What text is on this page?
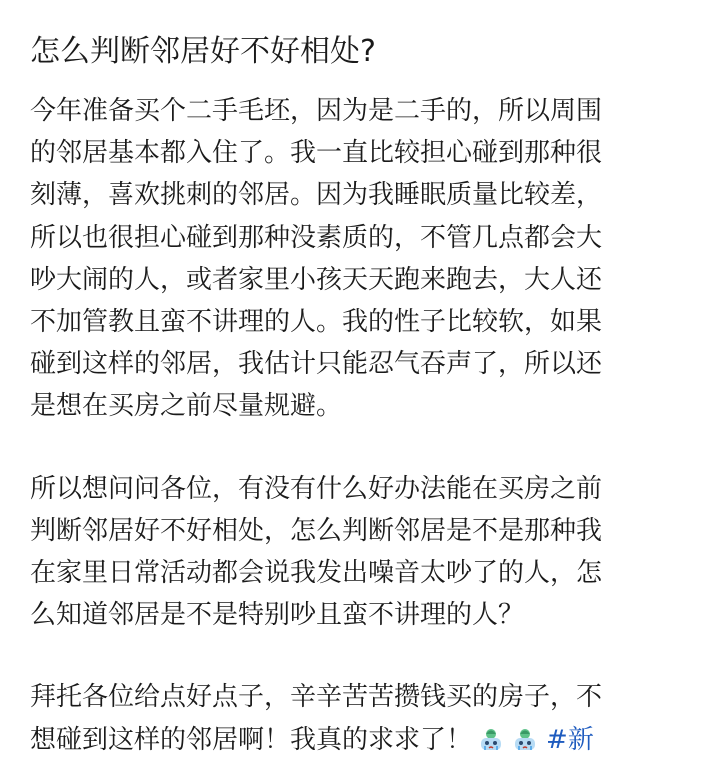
怎么判断邻居好不好相处?

今年准备买个二手毛坯，因为是二手的，所以周围
的邻居基本都入住了。我一直比较担心碰到那种很
刻薄，喜欢挑刺的邻居。因为我睡眠质量比较差，
所以也很担心碰到那种没素质的，不管几点都会大
吵大闹的人，或者家里小孩天天跑来跑去，大人还
不加管教且蛮不讲理的人。我的性子比较软，如果
碰到这样的邻居，我估计只能忍气吞声了，所以还
是想在买房之前尽量规避。

所以想问问各位，有没有什么好办法能在买房之前
判断邻居好不好相处，怎么判断邻居是不是那种我
在家里日常活动都会说我发出噪音太吵了的人，怎
么知道邻居是不是特别吵且蛮不讲理的人？

拜托各位给点好点子，辛辛苦苦攒钱买的房子，不
想碰到这样的邻居啊！我真的求求了！	#新
